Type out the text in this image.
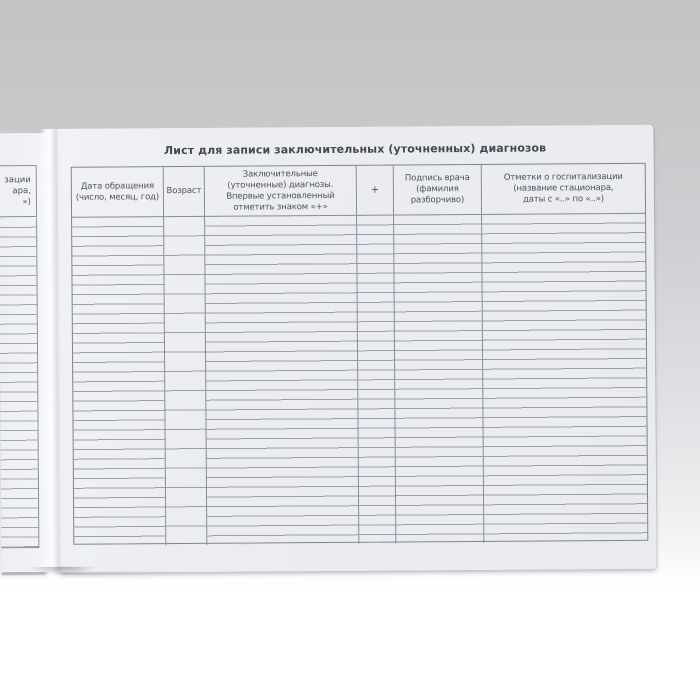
зации
ара,
»)
Лист для записи заключительных (уточненных) диагнозов
Дата обращения
(число, месяц, год)
Возраст
Заключительные
(уточненные) диагнозы.
Впервые установленный
отметить знаком «+»
+
Подпись врача
(фамилия
разборчиво)
Отметки о госпитализации
(название стационара,
даты с «..» по «..»)
